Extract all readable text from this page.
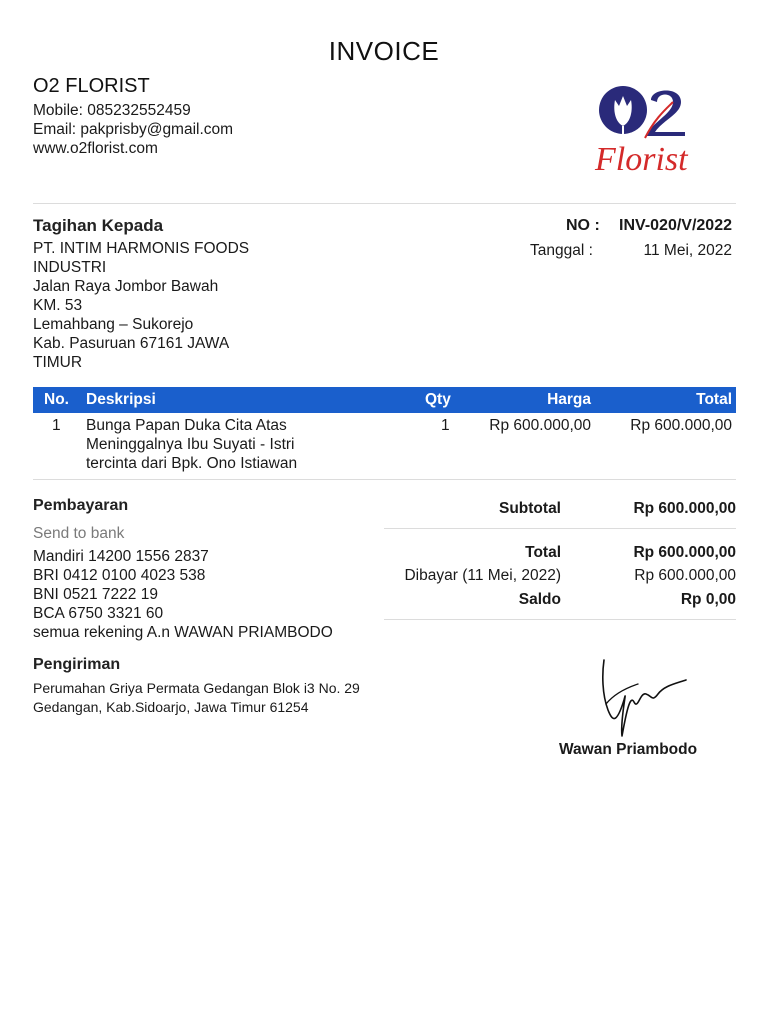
INVOICE
O2 FLORIST
Mobile: 085232552459
Email: pakprisby@gmail.com
www.o2florist.com	Florist
Tagihan Kepada
PT. INTIM HARMONIS FOODS
INDUSTRI
Jalan Raya Jombor Bawah
KM. 53
Lemahbang – Sukorejo
Kab. Pasuruan 67161 JAWA
TIMUR
NO : INV-020/V/2022
Tanggal :	11 Mei, 2022
No. Deskripsi	Qty	Harga	Total
1 Bunga Papan Duka Cita Atas
Meninggalnya Ibu Suyati - Istri
tercinta dari Bpk. Ono Istiawan
1	Rp 600.000,00	Rp 600.000,00
Pembayaran
Send to bank
Mandiri 14200 1556 2837
BRI 0412 0100 4023 538
BNI 0521 7222 19
BCA 6750 3321 60
semua rekening A.n WAWAN PRIAMBODO
Subtotal	Rp 600.000,00
Total	Rp 600.000,00
Dibayar (11 Mei, 2022)	Rp 600.000,00
Saldo	Rp 0,00
Pengiriman
Perumahan Griya Permata Gedangan Blok i3 No. 29
Gedangan, Kab.Sidoarjo, Jawa Timur 61254
Wawan Priambodo
